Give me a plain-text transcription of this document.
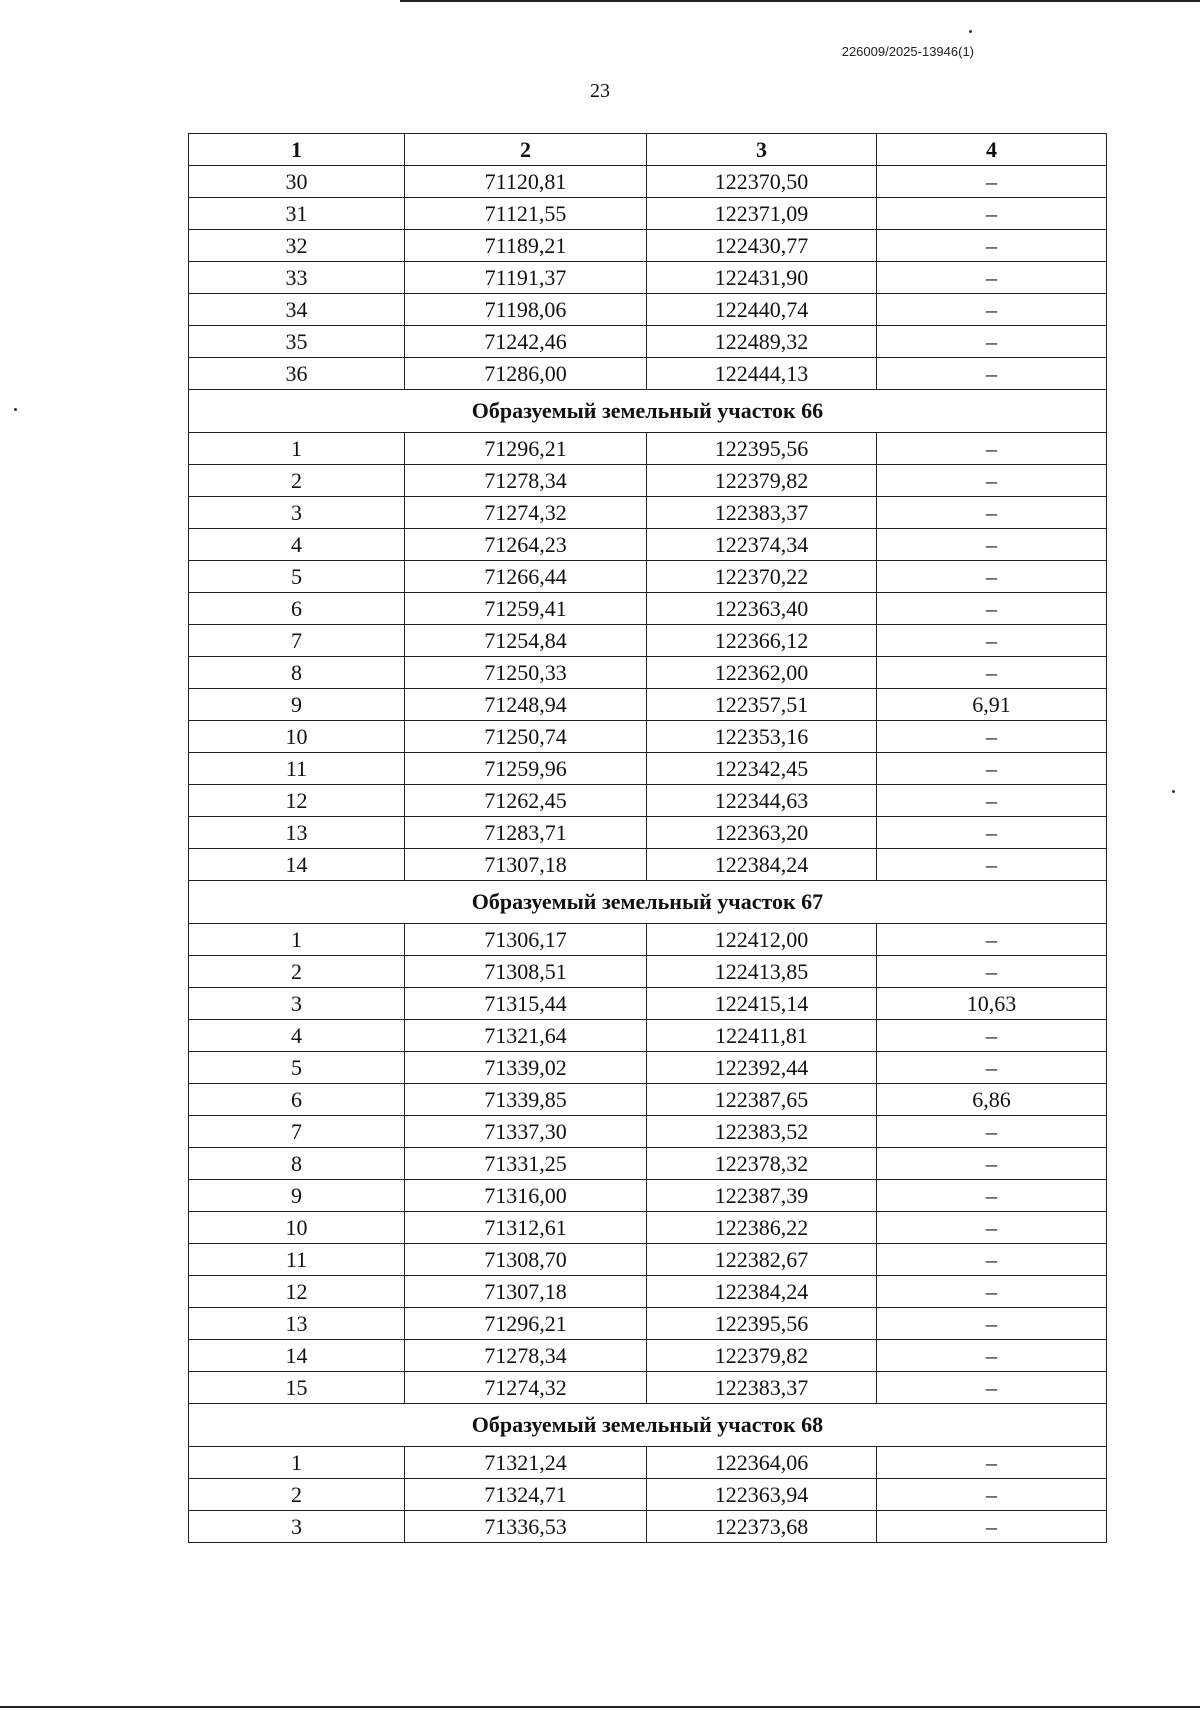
226009/2025-13946(1)
23
1	2	3	4
30	71120,81	122370,50	–
31	71121,55	122371,09	–
32	71189,21	122430,77	–
33	71191,37	122431,90	–
34	71198,06	122440,74	–
35	71242,46	122489,32	–
36	71286,00	122444,13	–
Образуемый земельный участок 66			
1	71296,21	122395,56	–
2	71278,34	122379,82	–
3	71274,32	122383,37	–
4	71264,23	122374,34	–
5	71266,44	122370,22	–
6	71259,41	122363,40	–
7	71254,84	122366,12	–
8	71250,33	122362,00	–
9	71248,94	122357,51	6,91
10	71250,74	122353,16	–
11	71259,96	122342,45	–
12	71262,45	122344,63	–
13	71283,71	122363,20	–
14	71307,18	122384,24	–
Образуемый земельный участок 67			
1	71306,17	122412,00	–
2	71308,51	122413,85	–
3	71315,44	122415,14	10,63
4	71321,64	122411,81	–
5	71339,02	122392,44	–
6	71339,85	122387,65	6,86
7	71337,30	122383,52	–
8	71331,25	122378,32	–
9	71316,00	122387,39	–
10	71312,61	122386,22	–
11	71308,70	122382,67	–
12	71307,18	122384,24	–
13	71296,21	122395,56	–
14	71278,34	122379,82	–
15	71274,32	122383,37	–
Образуемый земельный участок 68			
1	71321,24	122364,06	–
2	71324,71	122363,94	–
3	71336,53	122373,68	–
